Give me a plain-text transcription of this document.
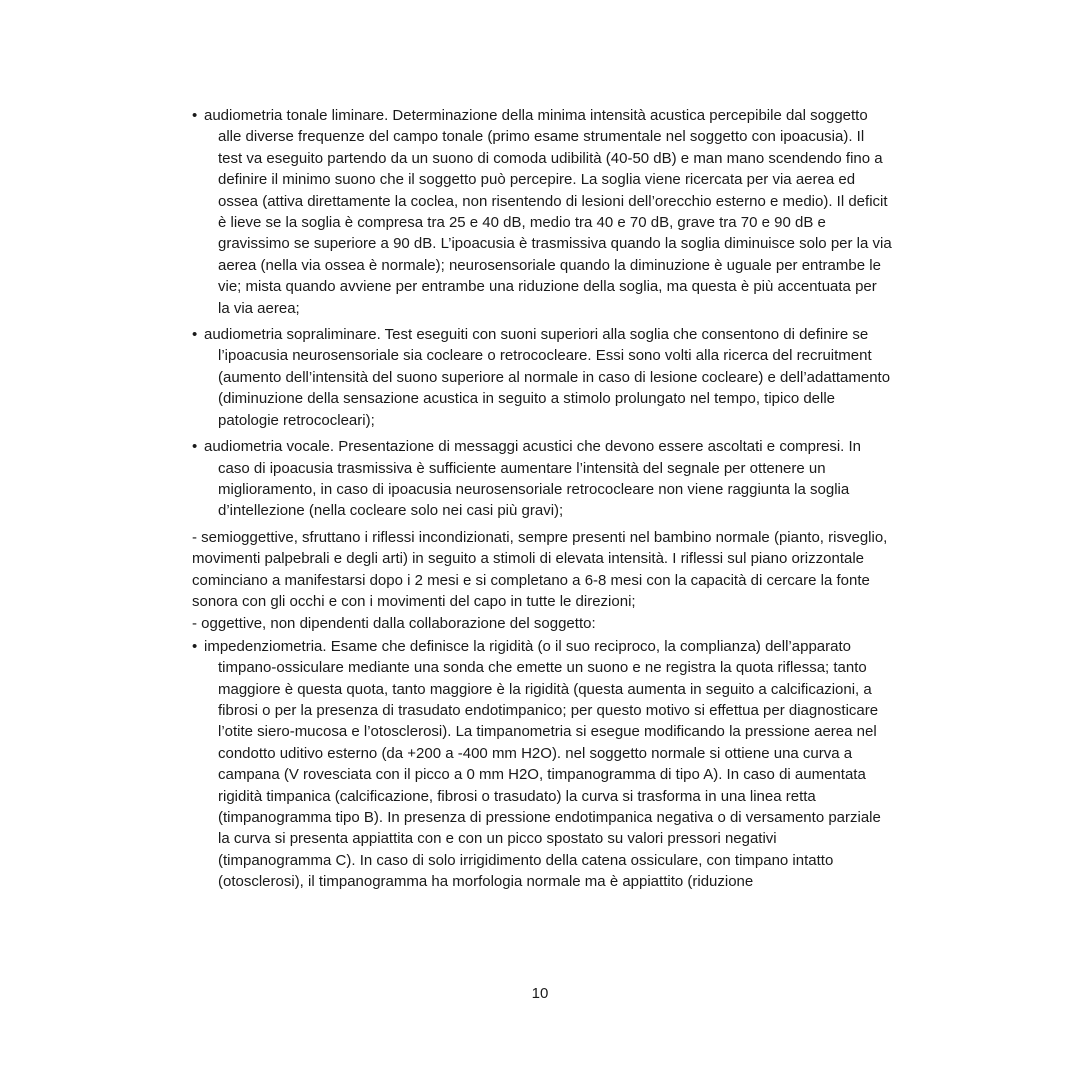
• audiometria tonale liminare. Determinazione della minima intensità acustica percepibile dal soggetto alle diverse frequenze del campo tonale (primo esame strumentale nel soggetto con ipoacusia). Il test va eseguito partendo da un suono di comoda udibilità (40-50 dB) e man mano scendendo fino a definire il minimo suono che il soggetto può percepire. La soglia viene ricercata per via aerea ed ossea (attiva direttamente la coclea, non risentendo di lesioni dell’orecchio esterno e medio). Il deficit è lieve se la soglia è compresa tra 25 e 40 dB, medio tra 40 e 70 dB, grave tra 70 e 90 dB e gravissimo se superiore a 90 dB. L’ipoacusia è trasmissiva quando la soglia diminuisce solo per la via aerea (nella via ossea è normale); neurosensoriale quando la diminuzione è uguale per entrambe le vie; mista quando avviene per entrambe una riduzione della soglia, ma questa è più accentuata per la via aerea;

• audiometria sopraliminare. Test eseguiti con suoni superiori alla soglia che consentono di definire se l’ipoacusia neurosensoriale sia cocleare o retrococleare. Essi sono volti alla ricerca del recruitment (aumento dell’intensità del suono superiore al normale in caso di lesione cocleare) e dell’adattamento (diminuzione della sensazione acustica in seguito a stimolo prolungato nel tempo, tipico delle patologie retrococleari);

• audiometria vocale. Presentazione di messaggi acustici che devono essere ascoltati e compresi. In caso di ipoacusia trasmissiva è sufficiente aumentare l’intensità del segnale per ottenere un miglioramento, in caso di ipoacusia neurosensoriale retrococleare non viene raggiunta la soglia d’intellezione (nella cocleare solo nei casi più gravi);

- semioggettive, sfruttano i riflessi incondizionati, sempre presenti nel bambino normale (pianto, risveglio, movimenti palpebrali e degli arti) in seguito a stimoli di elevata intensità. I riflessi sul piano orizzontale cominciano a manifestarsi dopo i 2 mesi e si completano a 6-8 mesi con la capacità di cercare la fonte sonora con gli occhi e con i movimenti del capo in tutte le direzioni;

- oggettive, non dipendenti dalla collaborazione del soggetto:

• impedenziometria. Esame che definisce la rigidità (o il suo reciproco, la complianza) dell’apparato timpano-ossiculare mediante una sonda che emette un suono e ne registra la quota riflessa; tanto maggiore è questa quota, tanto maggiore è la rigidità (questa aumenta in seguito a calcificazioni, a fibrosi o per la presenza di trasudato endotimpanico; per questo motivo si effettua per diagnosticare l’otite siero-mucosa e l’otosclerosi). La timpanometria si esegue modificando la pressione aerea nel condotto uditivo esterno (da +200 a -400 mm H2O). nel soggetto normale si ottiene una curva a campana (V rovesciata con il picco a 0 mm H2O, timpanogramma di tipo A). In caso di aumentata rigidità timpanica (calcificazione, fibrosi o trasudato) la curva si trasforma in una linea retta (timpanogramma tipo B). In presenza di pressione endotimpanica negativa o di versamento parziale la curva si presenta appiattita con e con un picco spostato su valori pressori negativi (timpanogramma C). In caso di solo irrigidimento della catena ossiculare, con timpano intatto (otosclerosi), il timpanogramma ha morfologia normale ma è appiattito (riduzione

10
